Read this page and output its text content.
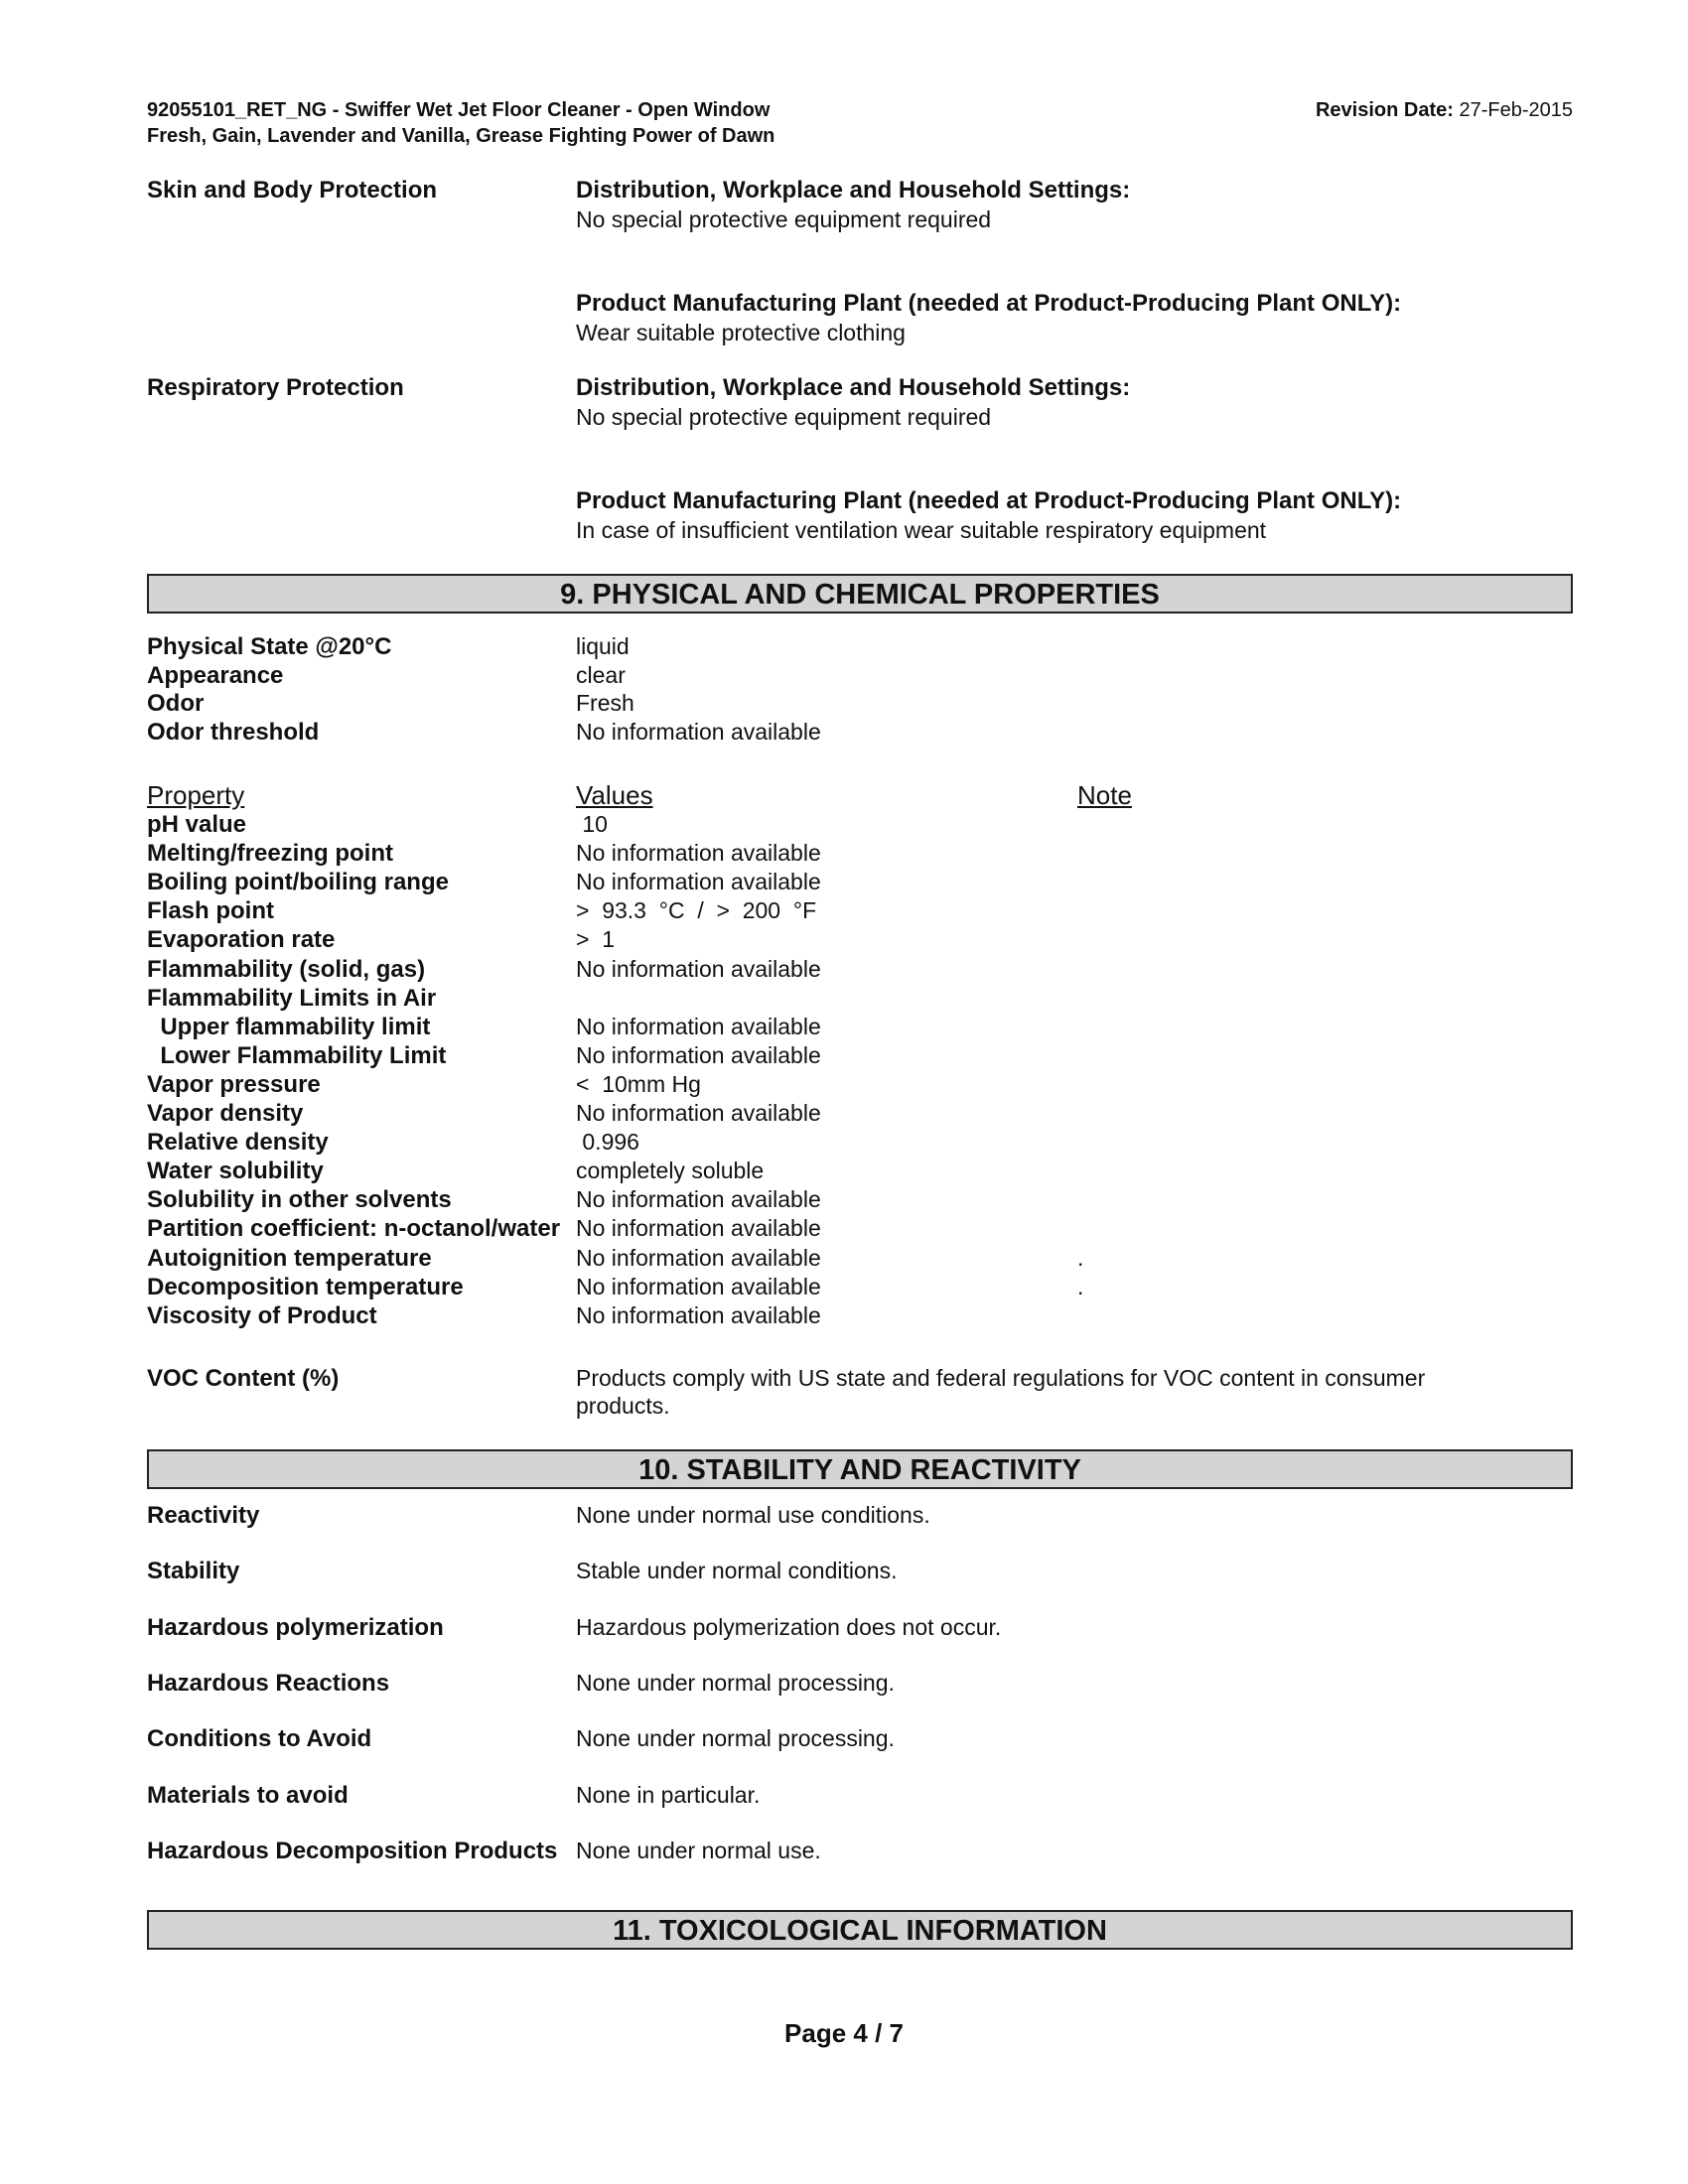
92055101_RET_NG - Swiffer Wet Jet Floor Cleaner - Open Window
Fresh, Gain, Lavender and Vanilla, Grease Fighting Power of Dawn
Revision Date: 27-Feb-2015
Skin and Body Protection	Distribution, Workplace and Household Settings:
No special protective equipment required
Product Manufacturing Plant (needed at Product-Producing Plant ONLY):
Wear suitable protective clothing
Respiratory Protection	Distribution, Workplace and Household Settings:
No special protective equipment required
Product Manufacturing Plant (needed at Product-Producing Plant ONLY):
In case of insufficient ventilation wear suitable respiratory equipment
9. PHYSICAL AND CHEMICAL PROPERTIES
Physical State @20°C	liquid
Appearance	clear
Odor	Fresh
Odor threshold	No information available
Property	Values	Note
pH value	10
Melting/freezing point	No information available
Boiling point/boiling range	No information available
Flash point	>  93.3  °C  /  >  200  °F
Evaporation rate	>  1
Flammability (solid, gas)	No information available
Flammability Limits in Air
Upper flammability limit	No information available
Lower Flammability Limit	No information available
Vapor pressure	<  10mm Hg
Vapor density	No information available
Relative density	0.996
Water solubility	completely soluble
Solubility in other solvents	No information available
Partition coefficient: n-octanol/water No information available
Autoignition temperature	No information available	.
Decomposition temperature	No information available	.
Viscosity of Product	No information available
VOC Content (%)	Products comply with US state and federal regulations for VOC content in consumer
products.
10. STABILITY AND REACTIVITY
Reactivity	None under normal use conditions.
Stability	Stable under normal conditions.
Hazardous polymerization	Hazardous polymerization does not occur.
Hazardous Reactions	None under normal processing.
Conditions to Avoid	None under normal processing.
Materials to avoid	None in particular.
Hazardous Decomposition Products None under normal use.
11. TOXICOLOGICAL INFORMATION
Page 4 / 7
